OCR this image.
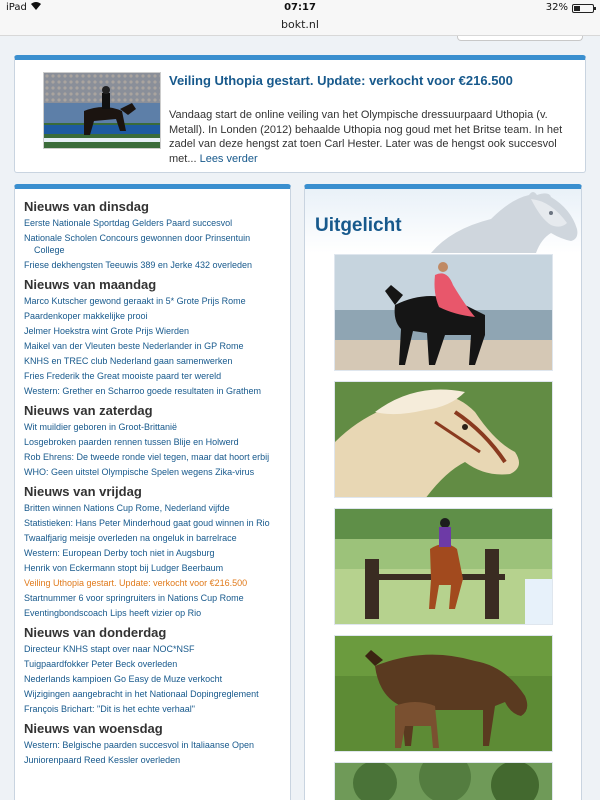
iPad	07:17	32%
bokt.nl
Veiling Uthopia gestart. Update: verkocht voor €216.500
Vandaag start de online veiling van het Olympische dressuurpaard Uthopia (v. Metall). In Londen (2012) behaalde Uthopia nog goud met het Britse team. In het zadel van deze hengst zat toen Carl Hester. Later was de hengst ook succesvol met... Lees verder
Nieuws van dinsdag
Eerste Nationale Sportdag Gelders Paard succesvol
Nationale Scholen Concours gewonnen door Prinsentuin College
Friese dekhengsten Teeuwis 389 en Jerke 432 overleden
Nieuws van maandag
Marco Kutscher gewond geraakt in 5* Grote Prijs Rome
Paardenkoper makkelijke prooi
Jelmer Hoekstra wint Grote Prijs Wierden
Maikel van der Vleuten beste Nederlander in GP Rome
KNHS en TREC club Nederland gaan samenwerken
Fries Frederik the Great mooiste paard ter wereld
Western: Grether en Scharroo goede resultaten in Grathem
Nieuws van zaterdag
Wit muildier geboren in Groot-Brittanië
Losgebroken paarden rennen tussen Blije en Holwerd
Rob Ehrens: De tweede ronde viel tegen, maar dat hoort erbij
WHO: Geen uitstel Olympische Spelen wegens Zika-virus
Nieuws van vrijdag
Britten winnen Nations Cup Rome, Nederland vijfde
Statistieken: Hans Peter Minderhoud gaat goud winnen in Rio
Twaalfjarig meisje overleden na ongeluk in barrelrace
Western: European Derby toch niet in Augsburg
Henrik von Eckermann stopt bij Ludger Beerbaum
Veiling Uthopia gestart. Update: verkocht voor €216.500
Startnummer 6 voor springruiters in Nations Cup Rome
Eventingbondscoach Lips heeft vizier op Rio
Nieuws van donderdag
Directeur KNHS stapt over naar NOC*NSF
Tuigpaardfokker Peter Beck overleden
Nederlands kampioen Go Easy de Muze verkocht
Wijzigingen aangebracht in het Nationaal Dopingreglement
François Brichart: "Dit is het echte verhaal"
Nieuws van woensdag
Western: Belgische paarden succesvol in Italiaanse Open
Juniorenpaard Reed Kessler overleden
Uitgelicht
